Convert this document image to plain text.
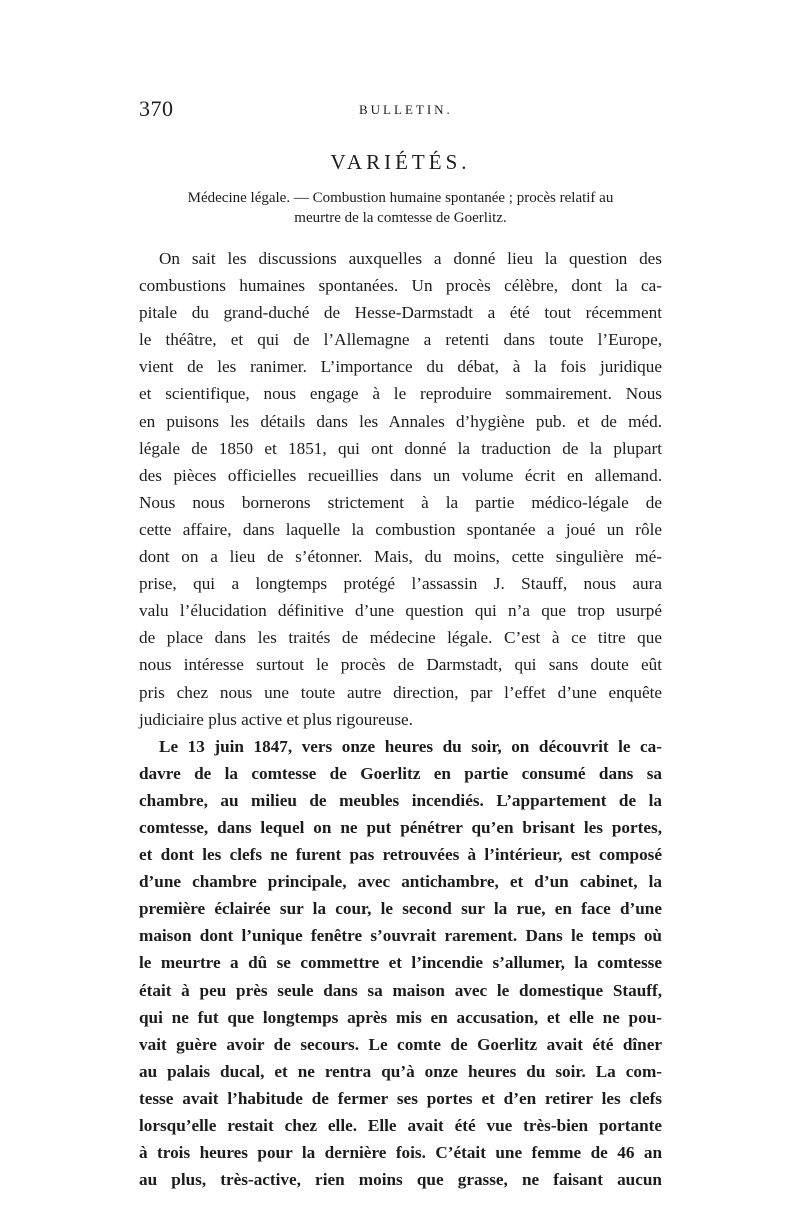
370	BULLETIN.
VARIÉTÉS.
Médecine légale. — Combustion humaine spontanée ; procès relatif au
meurtre de la comtesse de Goerlitz.
On sait les discussions auxquelles a donné lieu la question des
combustions humaines spontanées. Un procès célèbre, dont la ca-
pitale du grand-duché de Hesse-Darmstadt a été tout récemment
le théâtre, et qui de l’Allemagne a retenti dans toute l’Europe,
vient de les ranimer. L’importance du débat, à la fois juridique
et scientifique, nous engage à le reproduire sommairement. Nous
en puisons les détails dans les Annales d’hygiène pub. et de méd.
légale de 1850 et 1851, qui ont donné la traduction de la plupart
des pièces officielles recueillies dans un volume écrit en allemand.
Nous nous bornerons strictement à la partie médico-légale de
cette affaire, dans laquelle la combustion spontanée a joué un rôle
dont on a lieu de s’étonner. Mais, du moins, cette singulière mé-
prise, qui a longtemps protégé l’assassin J. Stauff, nous aura
valu l’élucidation définitive d’une question qui n’a que trop usurpé
de place dans les traités de médecine légale. C’est à ce titre que
nous intéresse surtout le procès de Darmstadt, qui sans doute eût
pris chez nous une toute autre direction, par l’effet d’une enquête
judiciaire plus active et plus rigoureuse.
Le 13 juin 1847, vers onze heures du soir, on découvrit le ca-
davre de la comtesse de Goerlitz en partie consumé dans sa
chambre, au milieu de meubles incendiés. L’appartement de la
comtesse, dans lequel on ne put pénétrer qu’en brisant les portes,
et dont les clefs ne furent pas retrouvées à l’intérieur, est composé
d’une chambre principale, avec antichambre, et d’un cabinet, la
première éclairée sur la cour, le second sur la rue, en face d’une
maison dont l’unique fenêtre s’ouvrait rarement. Dans le temps où
le meurtre a dû se commettre et l’incendie s’allumer, la comtesse
était à peu près seule dans sa maison avec le domestique Stauff,
qui ne fut que longtemps après mis en accusation, et elle ne pou-
vait guère avoir de secours. Le comte de Goerlitz avait été dîner
au palais ducal, et ne rentra qu’à onze heures du soir. La com-
tesse avait l’habitude de fermer ses portes et d’en retirer les clefs
lorsqu’elle restait chez elle. Elle avait été vue très-bien portante
à trois heures pour la dernière fois. C’était une femme de 46 an
au plus, très-active, rien moins que grasse, ne faisant aucun
